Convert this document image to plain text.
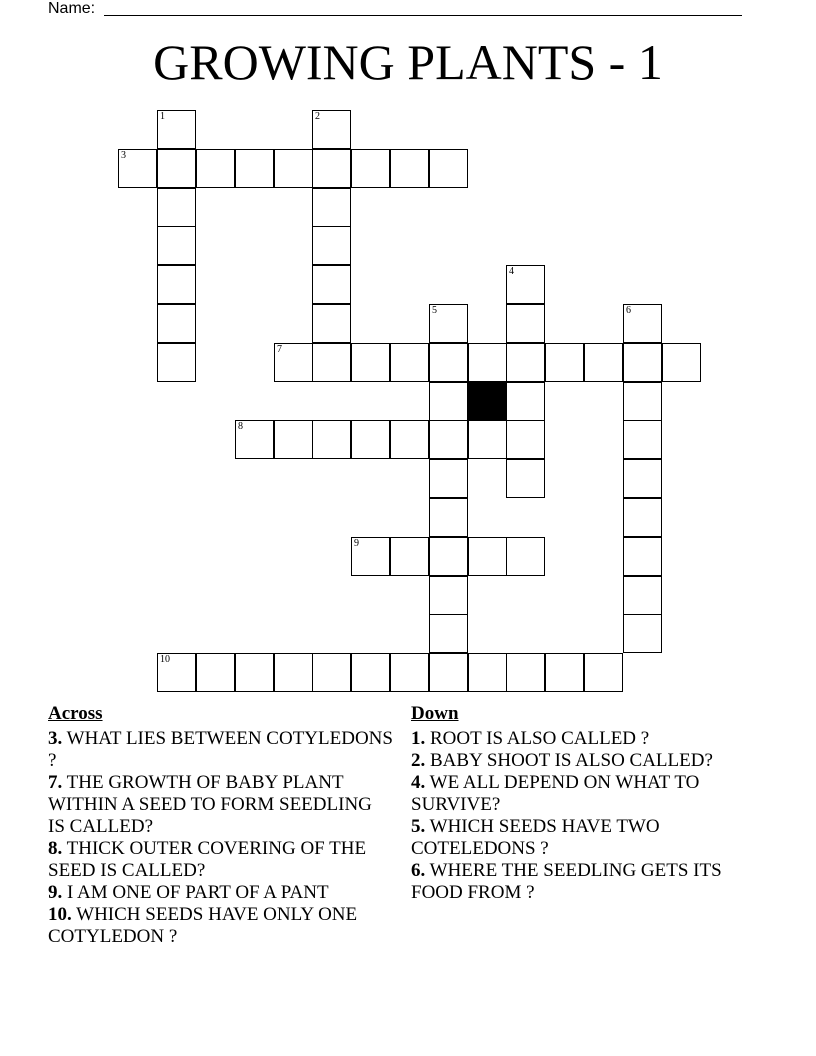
Name:
GROWING PLANTS - 1
1	2
3
4
5	6
7
8
9
10
Across
3. WHAT LIES BETWEEN COTYLEDONS ?
7. THE GROWTH OF BABY PLANT WITHIN A SEED TO FORM SEEDLING IS CALLED?
8. THICK OUTER COVERING OF THE SEED IS CALLED?
9. I AM ONE OF PART OF A PANT
10. WHICH SEEDS HAVE ONLY ONE COTYLEDON ?
Down
1. ROOT IS ALSO CALLED ?
2. BABY SHOOT IS ALSO CALLED?
4. WE ALL DEPEND ON WHAT TO SURVIVE?
5. WHICH SEEDS HAVE TWO COTELEDONS ?
6. WHERE THE SEEDLING GETS ITS FOOD FROM ?
